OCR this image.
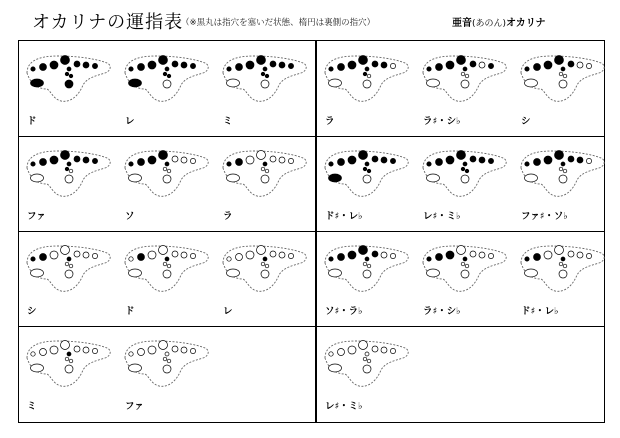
オカリナの運指表
（※黒丸は指穴を塞いだ状態、楕円は裏側の指穴）	亜音(あのん)オカリナ
ド	レ	ミ	ラ	ラ♯・シ♭	シ
ファ	ソ	ラ	ド♯・レ♭	レ♯・ミ♭	ファ♯・ソ♭
シ	ド	レ	ソ♯・ラ♭	ラ♯・シ♭	ド♯・レ♭
ミ	ファ	レ♯・ミ♭
